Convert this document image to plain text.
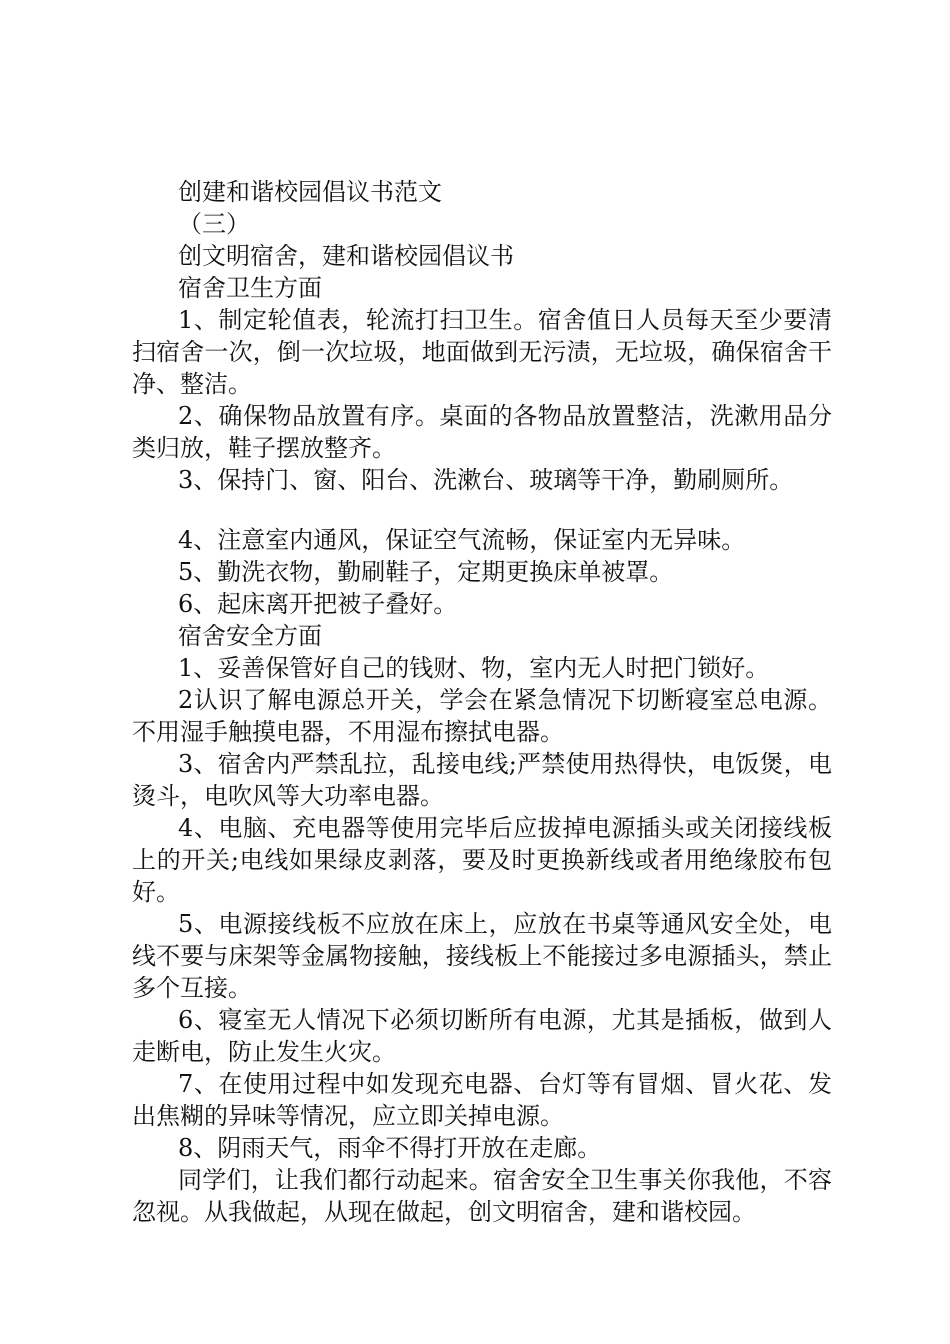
创建和谐校园倡议书范文
（三）
创文明宿舍，建和谐校园倡议书
宿舍卫生方面
1、制定轮值表，轮流打扫卫生。宿舍值日人员每天至少要清扫宿舍一次，倒一次垃圾，地面做到无污渍，无垃圾，确保宿舍干净、整洁。
2、确保物品放置有序。桌面的各物品放置整洁，洗漱用品分类归放，鞋子摆放整齐。
3、保持门、窗、阳台、洗漱台、玻璃等干净，勤刷厕所。
4、注意室内通风，保证空气流畅，保证室内无异味。
5、勤洗衣物，勤刷鞋子，定期更换床单被罩。
6、起床离开把被子叠好。
宿舍安全方面
1、妥善保管好自己的钱财、物，室内无人时把门锁好。
2认识了解电源总开关，学会在紧急情况下切断寝室总电源。不用湿手触摸电器，不用湿布擦拭电器。
3、宿舍内严禁乱拉，乱接电线;严禁使用热得快，电饭煲，电烫斗，电吹风等大功率电器。
4、电脑、充电器等使用完毕后应拔掉电源插头或关闭接线板上的开关;电线如果绿皮剥落，要及时更换新线或者用绝缘胶布包好。
5、电源接线板不应放在床上，应放在书桌等通风安全处，电线不要与床架等金属物接触，接线板上不能接过多电源插头，禁止多个互接。
6、寝室无人情况下必须切断所有电源，尤其是插板，做到人走断电，防止发生火灾。
7、在使用过程中如发现充电器、台灯等有冒烟、冒火花、发出焦糊的异味等情况，应立即关掉电源。
8、阴雨天气，雨伞不得打开放在走廊。
同学们，让我们都行动起来。宿舍安全卫生事关你我他，不容忽视。从我做起，从现在做起，创文明宿舍，建和谐校园。
